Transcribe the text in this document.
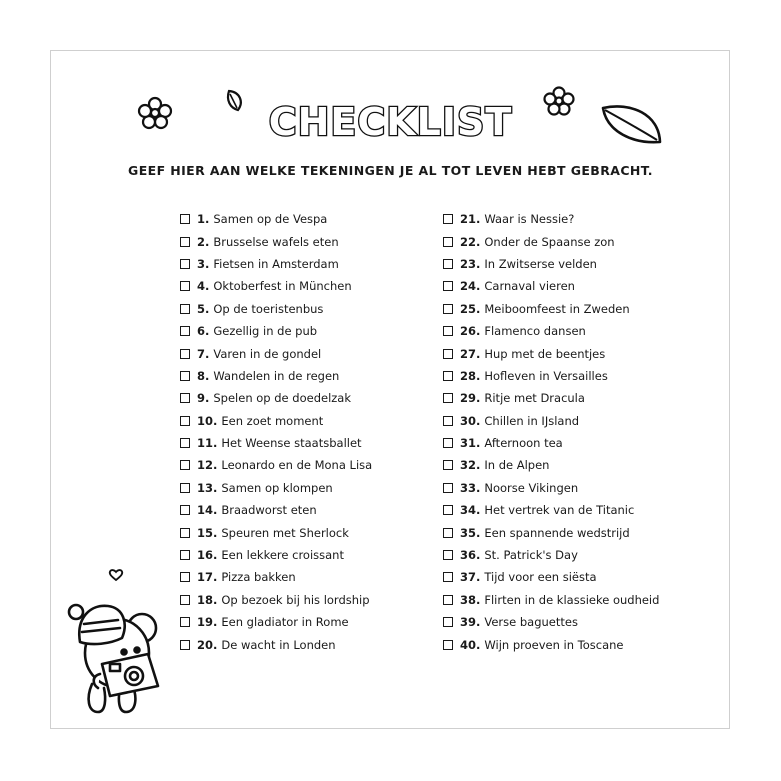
CHECKLIST
GEEF HIER AAN WELKE TEKENINGEN JE AL TOT LEVEN HEBT GEBRACHT.
1. Samen op de Vespa
2. Brusselse wafels eten
3. Fietsen in Amsterdam
4. Oktoberfest in München
5. Op de toeristenbus
6. Gezellig in de pub
7. Varen in de gondel
8. Wandelen in de regen
9. Spelen op de doedelzak
10. Een zoet moment
11. Het Weense staatsballet
12. Leonardo en de Mona Lisa
13. Samen op klompen
14. Braadworst eten
15. Speuren met Sherlock
16. Een lekkere croissant
17. Pizza bakken
18. Op bezoek bij his lordship
19. Een gladiator in Rome
20. De wacht in Londen
21. Waar is Nessie?
22. Onder de Spaanse zon
23. In Zwitserse velden
24. Carnaval vieren
25. Meiboomfeest in Zweden
26. Flamenco dansen
27. Hup met de beentjes
28. Hofleven in Versailles
29. Ritje met Dracula
30. Chillen in IJsland
31. Afternoon tea
32. In de Alpen
33. Noorse Vikingen
34. Het vertrek van de Titanic
35. Een spannende wedstrijd
36. St. Patrick's Day
37. Tijd voor een siësta
38. Flirten in de klassieke oudheid
39. Verse baguettes
40. Wijn proeven in Toscane
